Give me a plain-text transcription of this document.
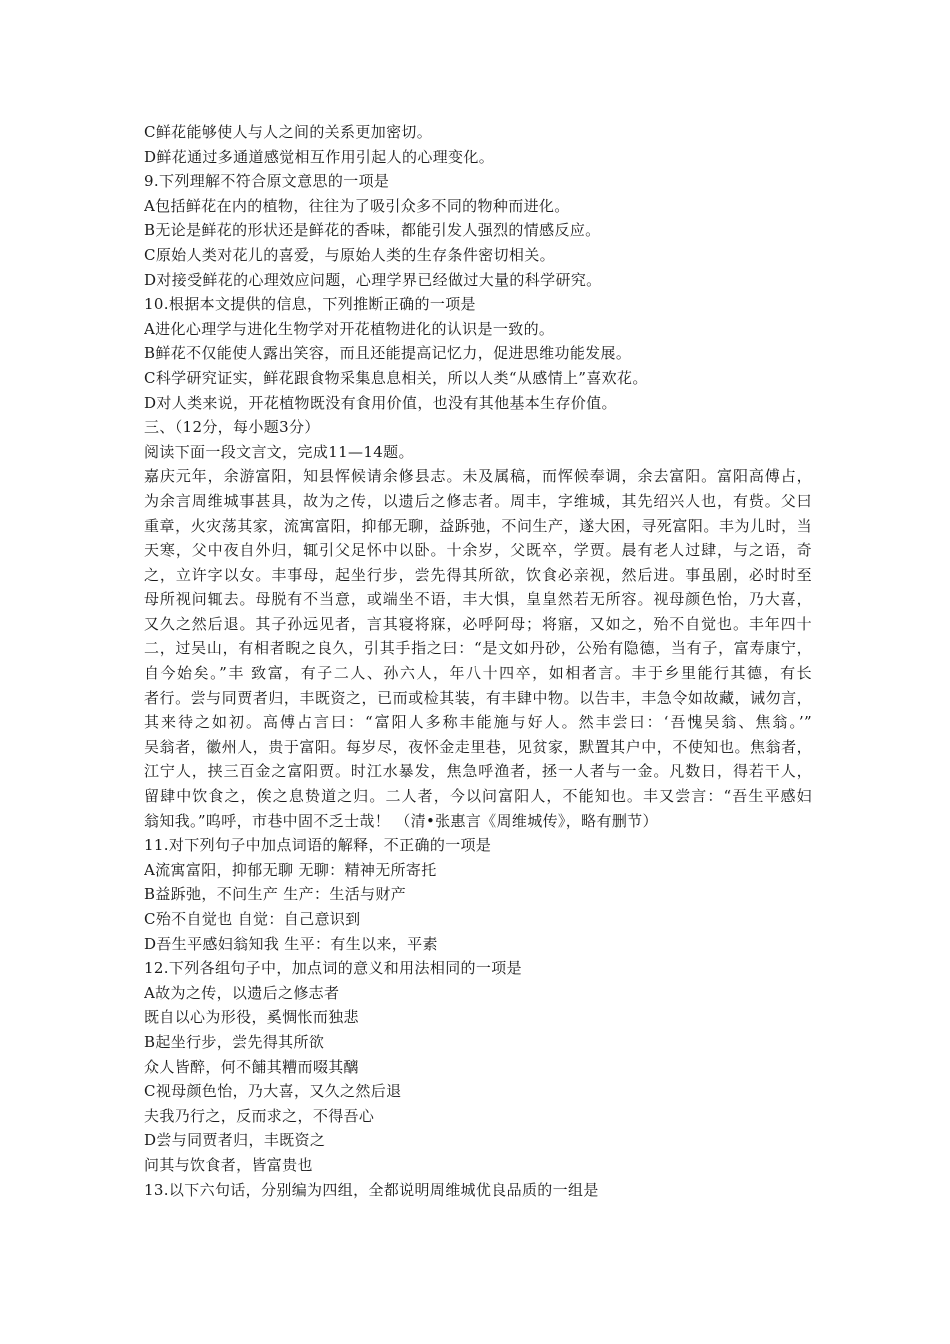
C鲜花能够使人与人之间的关系更加密切。
D鲜花通过多通道感觉相互作用引起人的心理变化。
9.下列理解不符合原文意思的一项是
A包括鲜花在内的植物，往往为了吸引众多不同的物种而进化。
B无论是鲜花的形状还是鲜花的香味，都能引发人强烈的情感反应。
C原始人类对花儿的喜爱，与原始人类的生存条件密切相关。
D对接受鲜花的心理效应问题，心理学界已经做过大量的科学研究。
10.根据本文提供的信息，下列推断正确的一项是
A进化心理学与进化生物学对开花植物进化的认识是一致的。
B鲜花不仅能使人露出笑容，而且还能提高记忆力，促进思维功能发展。
C科学研究证实，鲜花跟食物采集息息相关，所以人类“从感情上”喜欢花。
D对人类来说，开花植物既没有食用价值，也没有其他基本生存价值。
三、（12分，每小题3分）
阅读下面一段文言文，完成11—14题。
嘉庆元年，余游富阳，知县恽候请余修县志。未及属稿，而恽候奉调，余去富阳。富阳高傅占，
为余言周维城事甚具，故为之传，以遗后之修志者。周丰，字维城，其先绍兴人也，有赀。父曰
重章，火灾荡其家，流寓富阳，抑郁无聊，益跅弛，不问生产，遂大困，寻死富阳。丰为儿时，当
天寒，父中夜自外归，辄引父足怀中以卧。十余岁，父既卒，学贾。晨有老人过肆，与之语，奇
之，立许字以女。丰事母，起坐行步，尝先得其所欲，饮食必亲视，然后进。事虽剧，必时时至
母所视问辄去。母脱有不当意，或端坐不语，丰大惧，皇皇然若无所容。视母颜色怡，乃大喜，
又久之然后退。其子孙远见者，言其寝将寐，必呼阿母；将寤，又如之，殆不自觉也。丰年四十
二，过吴山，有相者睨之良久，引其手指之曰：“是文如丹砂，公殆有隐德，当有子，富寿康宁，
自今始矣。”丰 致富，有子二人、孙六人，年八十四卒，如相者言。丰于乡里能行其德，有长
者行。尝与同贾者归，丰既资之，已而或检其装，有丰肆中物。以告丰，丰急令如故藏，诫勿言，
其来待之如初。高傅占言曰：“富阳人多称丰能施与好人。然丰尝曰：‘吾愧吴翁、焦翁。’”
吴翁者，徽州人，贵于富阳。每岁尽，夜怀金走里巷，见贫家，默置其户中，不使知也。焦翁者，
江宁人，挟三百金之富阳贾。时江水暴发，焦急呼渔者，拯一人者与一金。凡数日，得若干人，
留肆中饮食之，俟之息贽道之归。二人者，今以问富阳人，不能知也。丰又尝言：“吾生平感妇
翁知我。”呜呼，市巷中固不乏士哉！ （清•张惠言《周维城传》，略有删节）
11.对下列句子中加点词语的解释，不正确的一项是
A流寓富阳，抑郁无聊 无聊：精神无所寄托
B益跅弛，不问生产 生产：生活与财产
C殆不自觉也 自觉：自己意识到
D吾生平感妇翁知我 生平：有生以来，平素
12.下列各组句子中，加点词的意义和用法相同的一项是
A故为之传，以遗后之修志者
既自以心为形役，奚惆怅而独悲
B起坐行步，尝先得其所欲
众人皆醉，何不餔其糟而啜其醨
C视母颜色怡，乃大喜，又久之然后退
夫我乃行之，反而求之，不得吾心
D尝与同贾者归，丰既资之
问其与饮食者，皆富贵也
13.以下六句话，分别编为四组，全都说明周维城优良品质的一组是
